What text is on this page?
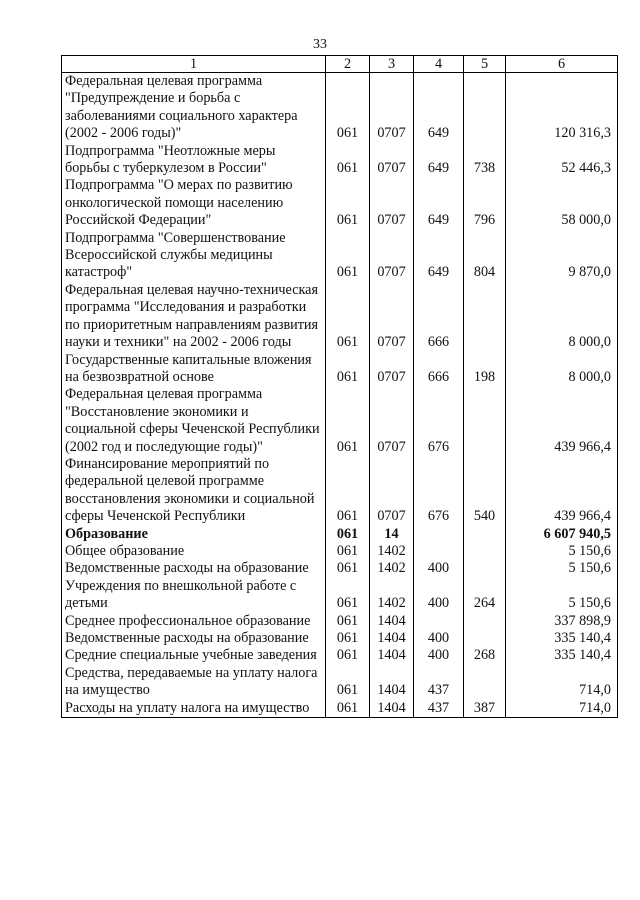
33
1	2	3	4	5	6
Федеральная целевая программа "Предупреждение и борьба с заболеваниями социального характера (2002 - 2006 годы)"	061	0707	649		120 316,3
Подпрограмма "Неотложные меры борьбы с туберкулезом в России"	061	0707	649	738	52 446,3
Подпрограмма "О мерах по развитию онкологической помощи населению Российской Федерации"	061	0707	649	796	58 000,0
Подпрограмма "Совершенствование Всероссийской службы медицины катастроф"	061	0707	649	804	9 870,0
Федеральная целевая научно-техническая программа "Исследования и разработки по приоритетным направлениям развития науки и техники" на 2002 - 2006 годы	061	0707	666		8 000,0
Государственные капитальные вложения на безвозвратной основе	061	0707	666	198	8 000,0
Федеральная целевая программа "Восстановление экономики и социальной сферы Чеченской Республики (2002 год и последующие годы)"	061	0707	676		439 966,4
Финансирование мероприятий по федеральной целевой программе восстановления экономики и социальной сферы Чеченской Республики	061	0707	676	540	439 966,4
Образование	061	14			6 607 940,5
Общее образование	061	1402			5 150,6
Ведомственные расходы на образование	061	1402	400		5 150,6
Учреждения по внешкольной работе с детьми	061	1402	400	264	5 150,6
Среднее профессиональное образование	061	1404			337 898,9
Ведомственные расходы на образование	061	1404	400		335 140,4
Средние специальные учебные заведения	061	1404	400	268	335 140,4
Средства, передаваемые на уплату налога на имущество	061	1404	437		714,0
Расходы на уплату налога на имущество	061	1404	437	387	714,0
